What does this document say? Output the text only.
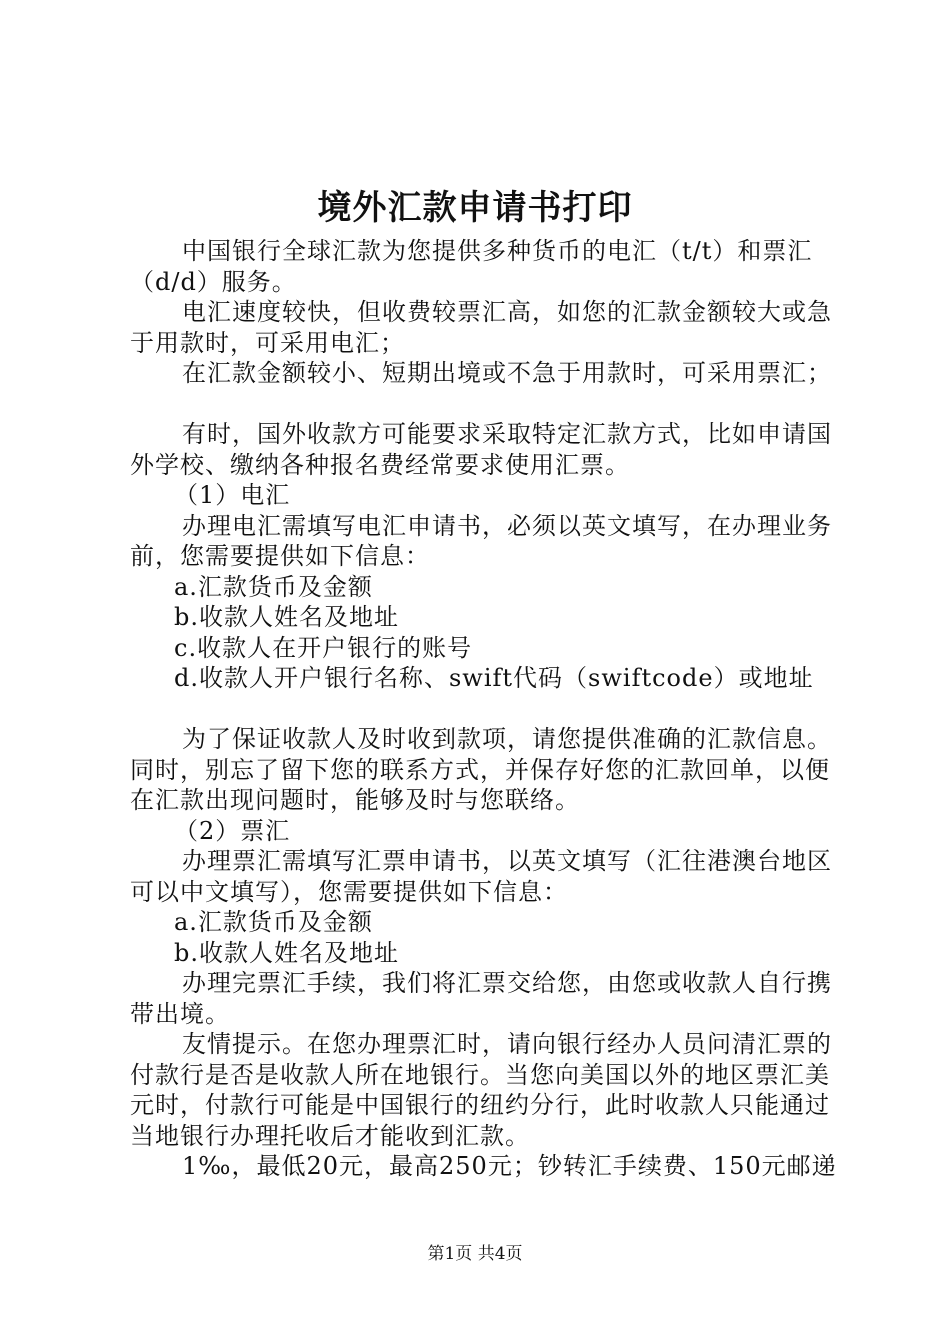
境外汇款申请书打印

中国银行全球汇款为您提供多种货币的电汇（t/t）和票汇（d/d）服务。

电汇速度较快，但收费较票汇高，如您的汇款金额较大或急于用款时，可采用电汇；

在汇款金额较小、短期出境或不急于用款时，可采用票汇；

有时，国外收款方可能要求采取特定汇款方式，比如申请国外学校、缴纳各种报名费经常要求使用汇票。

（1）电汇

办理电汇需填写电汇申请书，必须以英文填写，在办理业务前，您需要提供如下信息：

a.汇款货币及金额

b.收款人姓名及地址

c.收款人在开户银行的账号

d.收款人开户银行名称、swift代码（swiftcode）或地址

为了保证收款人及时收到款项，请您提供准确的汇款信息。同时，别忘了留下您的联系方式，并保存好您的汇款回单，以便在汇款出现问题时，能够及时与您联络。

（2）票汇

办理票汇需填写汇票申请书，以英文填写（汇往港澳台地区可以中文填写），您需要提供如下信息：

a.汇款货币及金额

b.收款人姓名及地址

办理完票汇手续，我们将汇票交给您，由您或收款人自行携带出境。

友情提示。在您办理票汇时，请向银行经办人员问清汇票的付款行是否是收款人所在地银行。当您向美国以外的地区票汇美元时，付款行可能是中国银行的纽约分行，此时收款人只能通过当地银行办理托收后才能收到汇款。

1‰，最低20元，最高250元；钞转汇手续费、150元邮递

第1页 共4页
